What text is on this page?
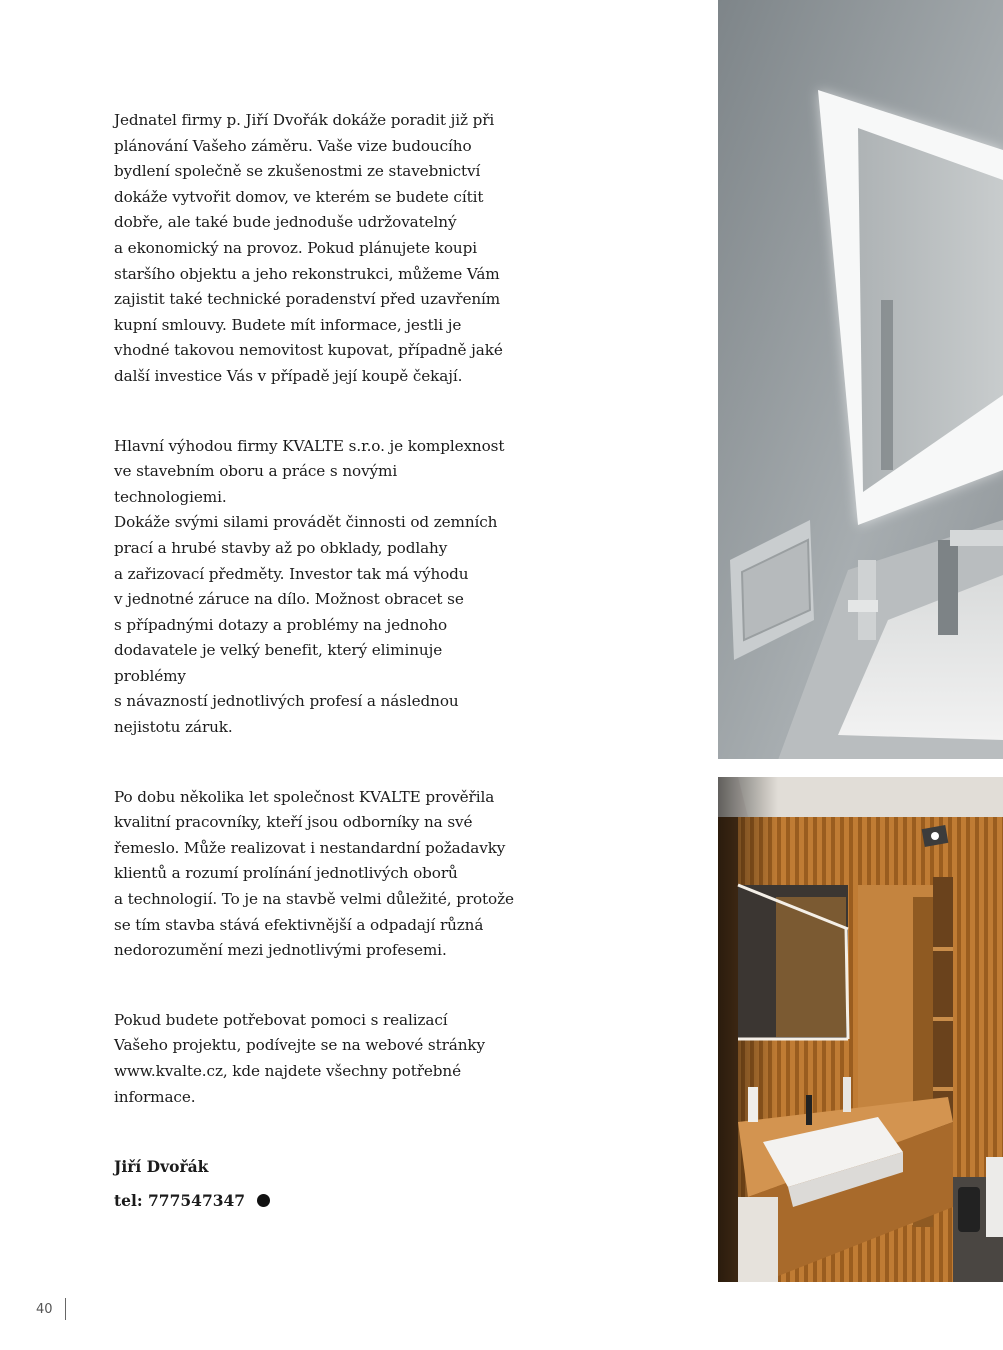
Jednatel firmy p. Jiří Dvořák dokáže poradit již při
plánování Vašeho záměru. Vaše vize budoucího
bydlení společně se zkušenostmi ze stavebnictví
dokáže vytvořit domov, ve kterém se budete cítit
dobře, ale také bude jednoduše udržovatelný
a ekonomický na provoz. Pokud plánujete koupi
staršího objektu a jeho rekonstrukci, můžeme Vám
zajistit také technické poradenství před uzavřením
kupní smlouvy. Budete mít informace, jestli je
vhodné takovou nemovitost kupovat, případně jaké
další investice Vás v případě její koupě čekají.

Hlavní výhodou firmy KVALTE s.r.o. je komplexnost
ve stavebním oboru a práce s novými technologiemi.
Dokáže svými silami provádět činnosti od zemních
prací a hrubé stavby až po obklady, podlahy
a zařizovací předměty. Investor tak má výhodu
v jednotné záruce na dílo. Možnost obracet se
s případnými dotazy a problémy na jednoho
dodavatele je velký benefit, který eliminuje problémy
s návazností jednotlivých profesí a následnou
nejistotu záruk.

Po dobu několika let společnost KVALTE prověřila
kvalitní pracovníky, kteří jsou odborníky na své
řemeslo. Může realizovat i nestandardní požadavky
klientů a rozumí prolínání jednotlivých oborů
a technologií. To je na stavbě velmi důležité, protože
se tím stavba stává efektivnější a odpadají různá
nedorozumění mezi jednotlivými profesemi.

Pokud budete potřebovat pomoci s realizací
Vašeho projektu, podívejte se na webové stránky
www.kvalte.cz, kde najdete všechny potřebné
informace.

Jiří Dvořák

tel: 777547347
40
